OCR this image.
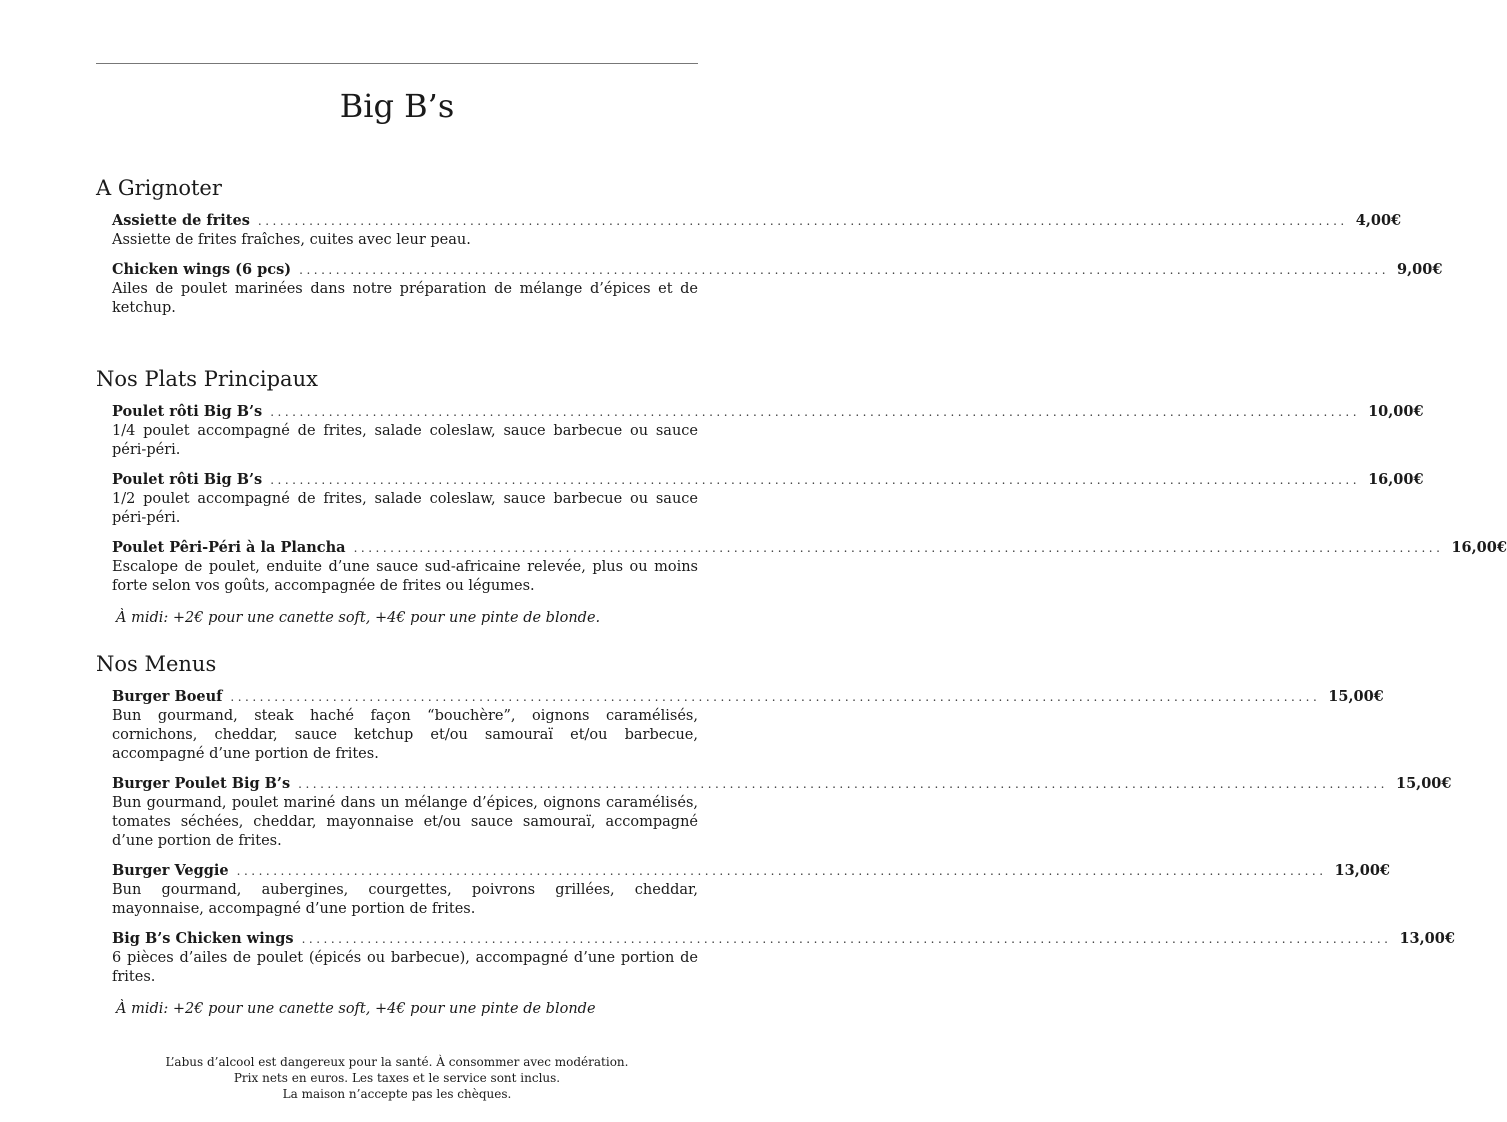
Big B’s
A Grignoter
Assiette de frites ..................................................................................................................................................... 4,00€

Assiette de frites fraîches, cuites avec leur peau.

Chicken wings (6 pcs) ..................................................................................................................................................... 9,00€

Ailes de poulet marinées dans notre préparation de mélange d’épices et de ketchup.

Nos Plats Principaux
Poulet rôti Big B’s ..................................................................................................................................................... 10,00€

1/4 poulet accompagné de frites, salade coleslaw, sauce barbecue ou sauce péri-péri.

Poulet rôti Big B’s ..................................................................................................................................................... 16,00€

1/2 poulet accompagné de frites, salade coleslaw, sauce barbecue ou sauce péri-péri.

Poulet Pêri-Péri à la Plancha ..................................................................................................................................................... 16,00€

Escalope de poulet, enduite d’une sauce sud-africaine relevée, plus ou moins forte selon vos goûts, accompagnée de frites ou légumes.

À midi: +2€ pour une canette soft, +4€ pour une pinte de blonde.
Nos Menus
Burger Boeuf ..................................................................................................................................................... 15,00€

Bun gourmand, steak haché façon “bouchère”, oignons caramélisés, cornichons, cheddar, sauce ketchup et/ou samouraï et/ou barbecue, accompagné d’une portion de frites.

Burger Poulet Big B’s ..................................................................................................................................................... 15,00€

Bun gourmand, poulet mariné dans un mélange d’épices, oignons caramélisés, tomates séchées, cheddar, mayonnaise et/ou sauce samouraï, accompagné d’une portion de frites.

Burger Veggie ..................................................................................................................................................... 13,00€

Bun gourmand, aubergines, courgettes, poivrons grillées, cheddar, mayonnaise, accompagné d’une portion de frites.

Big B’s Chicken wings ..................................................................................................................................................... 13,00€

6 pièces d’ailes de poulet (épicés ou barbecue), accompagné d’une portion de frites.

À midi: +2€ pour une canette soft, +4€ pour une pinte de blonde
L’abus d’alcool est dangereux pour la santé. À consommer avec modération.
Prix nets en euros. Les taxes et le service sont inclus.
La maison n’accepte pas les chèques.
